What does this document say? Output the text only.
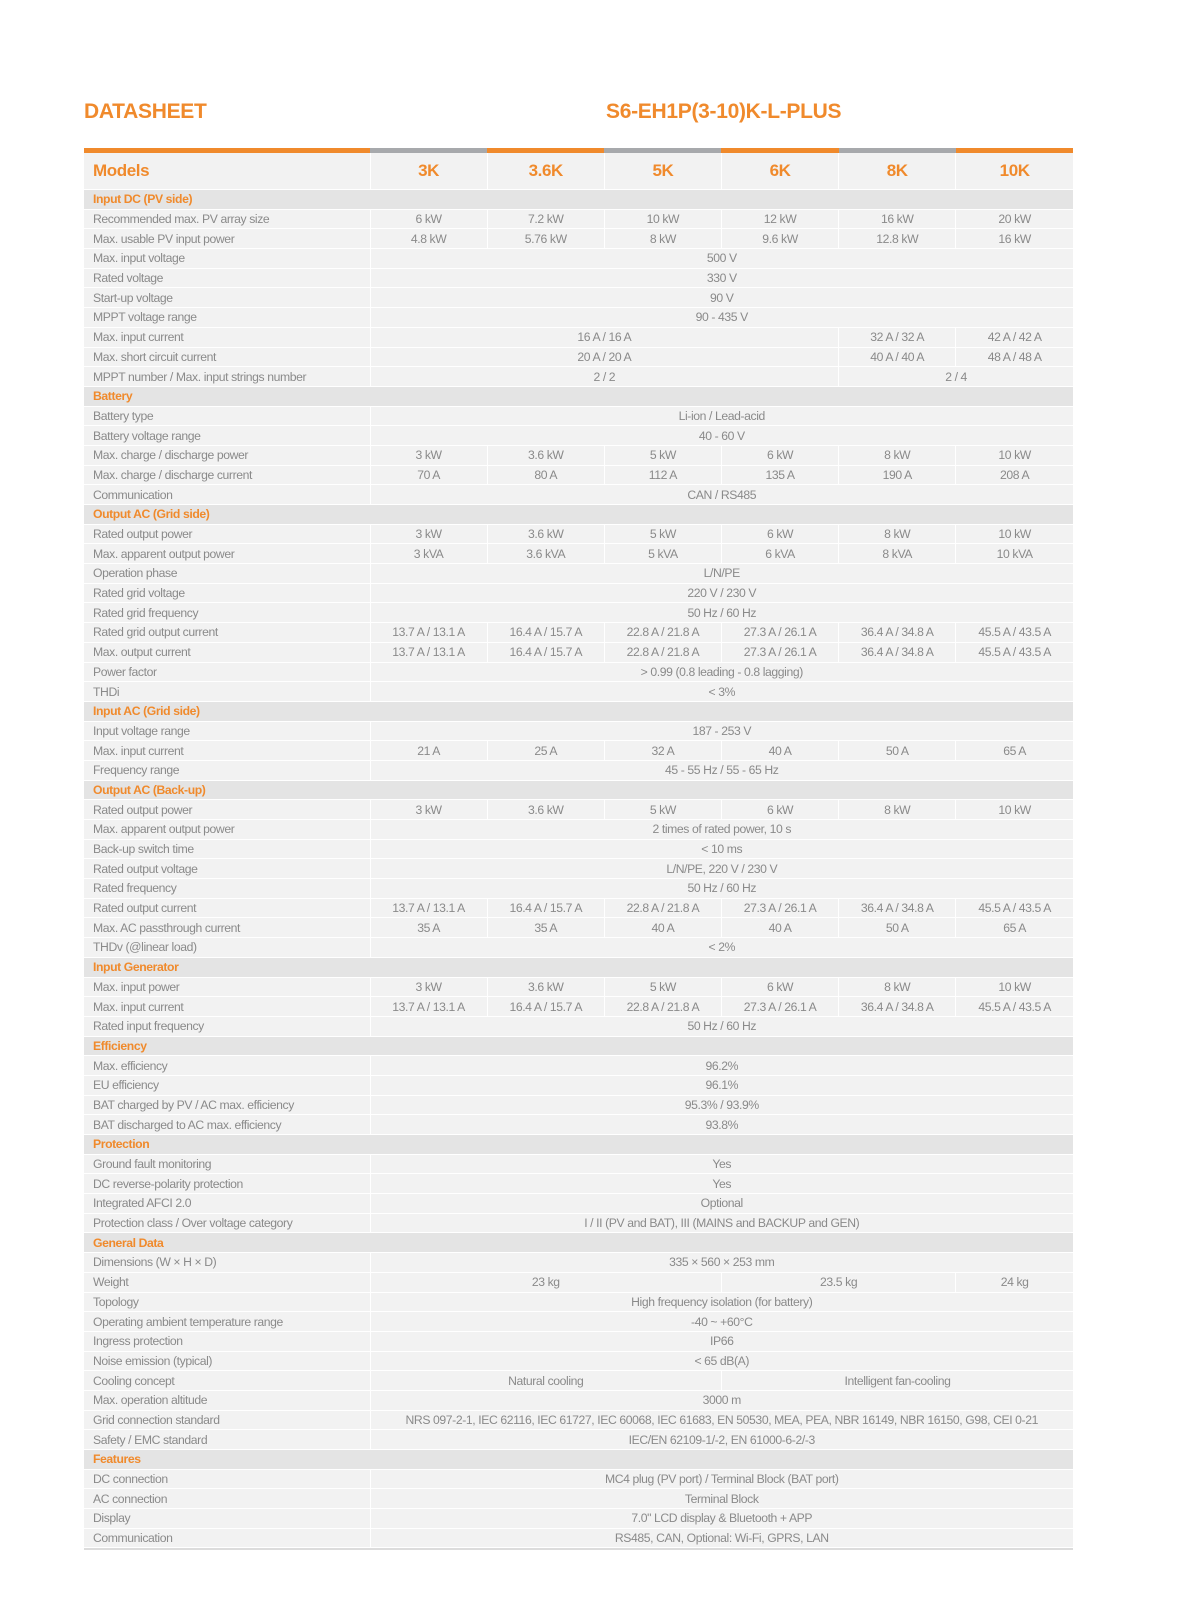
DATASHEET	S6-EH1P(3-10)K-L-PLUS
Models	3K	3.6K	5K	6K	8K	10K
Input DC (PV side)						
Recommended max. PV array size	6 kW	7.2 kW	10 kW	12 kW	16 kW	20 kW
Max. usable PV input power	4.8 kW	5.76 kW	8 kW	9.6 kW	12.8 kW	16 kW
Max. input voltage	500 V					
Rated voltage	330 V					
Start-up voltage	90 V					
MPPT voltage range	90 - 435 V					
Max. input current	16 A / 16 A				32 A / 32 A	42 A / 42 A
Max. short circuit current	20 A / 20 A				40 A / 40 A	48 A / 48 A
MPPT number / Max. input strings number	2 / 2				2 / 4	
Battery						
Battery type	Li-ion / Lead-acid					
Battery voltage range	40 - 60 V					
Max. charge / discharge power	3 kW	3.6 kW	5 kW	6 kW	8 kW	10 kW
Max. charge / discharge current	70 A	80 A	112 A	135 A	190 A	208 A
Communication	CAN / RS485					
Output AC (Grid side)						
Rated output power	3 kW	3.6 kW	5 kW	6 kW	8 kW	10 kW
Max. apparent output power	3 kVA	3.6 kVA	5 kVA	6 kVA	8 kVA	10 kVA
Operation phase	L/N/PE					
Rated grid voltage	220 V / 230 V					
Rated grid frequency	50 Hz / 60 Hz					
Rated grid output current	13.7 A / 13.1 A	16.4 A / 15.7 A	22.8 A / 21.8 A	27.3 A / 26.1 A	36.4 A / 34.8 A	45.5 A / 43.5 A
Max. output current	13.7 A / 13.1 A	16.4 A / 15.7 A	22.8 A / 21.8 A	27.3 A / 26.1 A	36.4 A / 34.8 A	45.5 A / 43.5 A
Power factor	> 0.99 (0.8 leading - 0.8 lagging)					
THDi	< 3%					
Input AC (Grid side)						
Input voltage range	187 - 253 V					
Max. input current	21 A	25 A	32 A	40 A	50 A	65 A
Frequency range	45 - 55 Hz / 55 - 65 Hz					
Output AC (Back-up)						
Rated output power	3 kW	3.6 kW	5 kW	6 kW	8 kW	10 kW
Max. apparent output power	2 times of rated power, 10 s					
Back-up switch time	< 10 ms					
Rated output voltage	L/N/PE, 220 V / 230 V					
Rated frequency	50 Hz / 60 Hz					
Rated output current	13.7 A / 13.1 A	16.4 A / 15.7 A	22.8 A / 21.8 A	27.3 A / 26.1 A	36.4 A / 34.8 A	45.5 A / 43.5 A
Max. AC passthrough current	35 A	35 A	40 A	40 A	50 A	65 A
THDv (@linear load)	< 2%					
Input Generator						
Max. input power	3 kW	3.6 kW	5 kW	6 kW	8 kW	10 kW
Max. input current	13.7 A / 13.1 A	16.4 A / 15.7 A	22.8 A / 21.8 A	27.3 A / 26.1 A	36.4 A / 34.8 A	45.5 A / 43.5 A
Rated input frequency	50 Hz / 60 Hz					
Efficiency						
Max. efficiency	96.2%					
EU efficiency	96.1%					
BAT charged by PV / AC max. efficiency	95.3% / 93.9%					
BAT discharged to AC max. efficiency	93.8%					
Protection						
Ground fault monitoring	Yes					
DC reverse-polarity protection	Yes					
Integrated AFCI 2.0	Optional					
Protection class / Over voltage category	I / II (PV and BAT), III (MAINS and BACKUP and GEN)					
General Data						
Dimensions (W × H × D)	335 × 560 × 253 mm					
Weight	23 kg			23.5 kg		24 kg
Topology	High frequency isolation (for battery)					
Operating ambient temperature range	-40 ~ +60°C					
Ingress protection	IP66					
Noise emission (typical)	< 65 dB(A)					
Cooling concept	Natural cooling			Intelligent fan-cooling		
Max. operation altitude	3000 m					
Grid connection standard	NRS 097-2-1, IEC 62116, IEC 61727, IEC 60068, IEC 61683, EN 50530, MEA, PEA, NBR 16149, NBR 16150, G98, CEI 0-21					
Safety / EMC standard	IEC/EN 62109-1/-2, EN 61000-6-2/-3					
Features						
DC connection	MC4 plug (PV port) / Terminal Block (BAT port)					
AC connection	Terminal Block					
Display	7.0" LCD display & Bluetooth + APP					
Communication	RS485, CAN, Optional: Wi-Fi, GPRS, LAN					
